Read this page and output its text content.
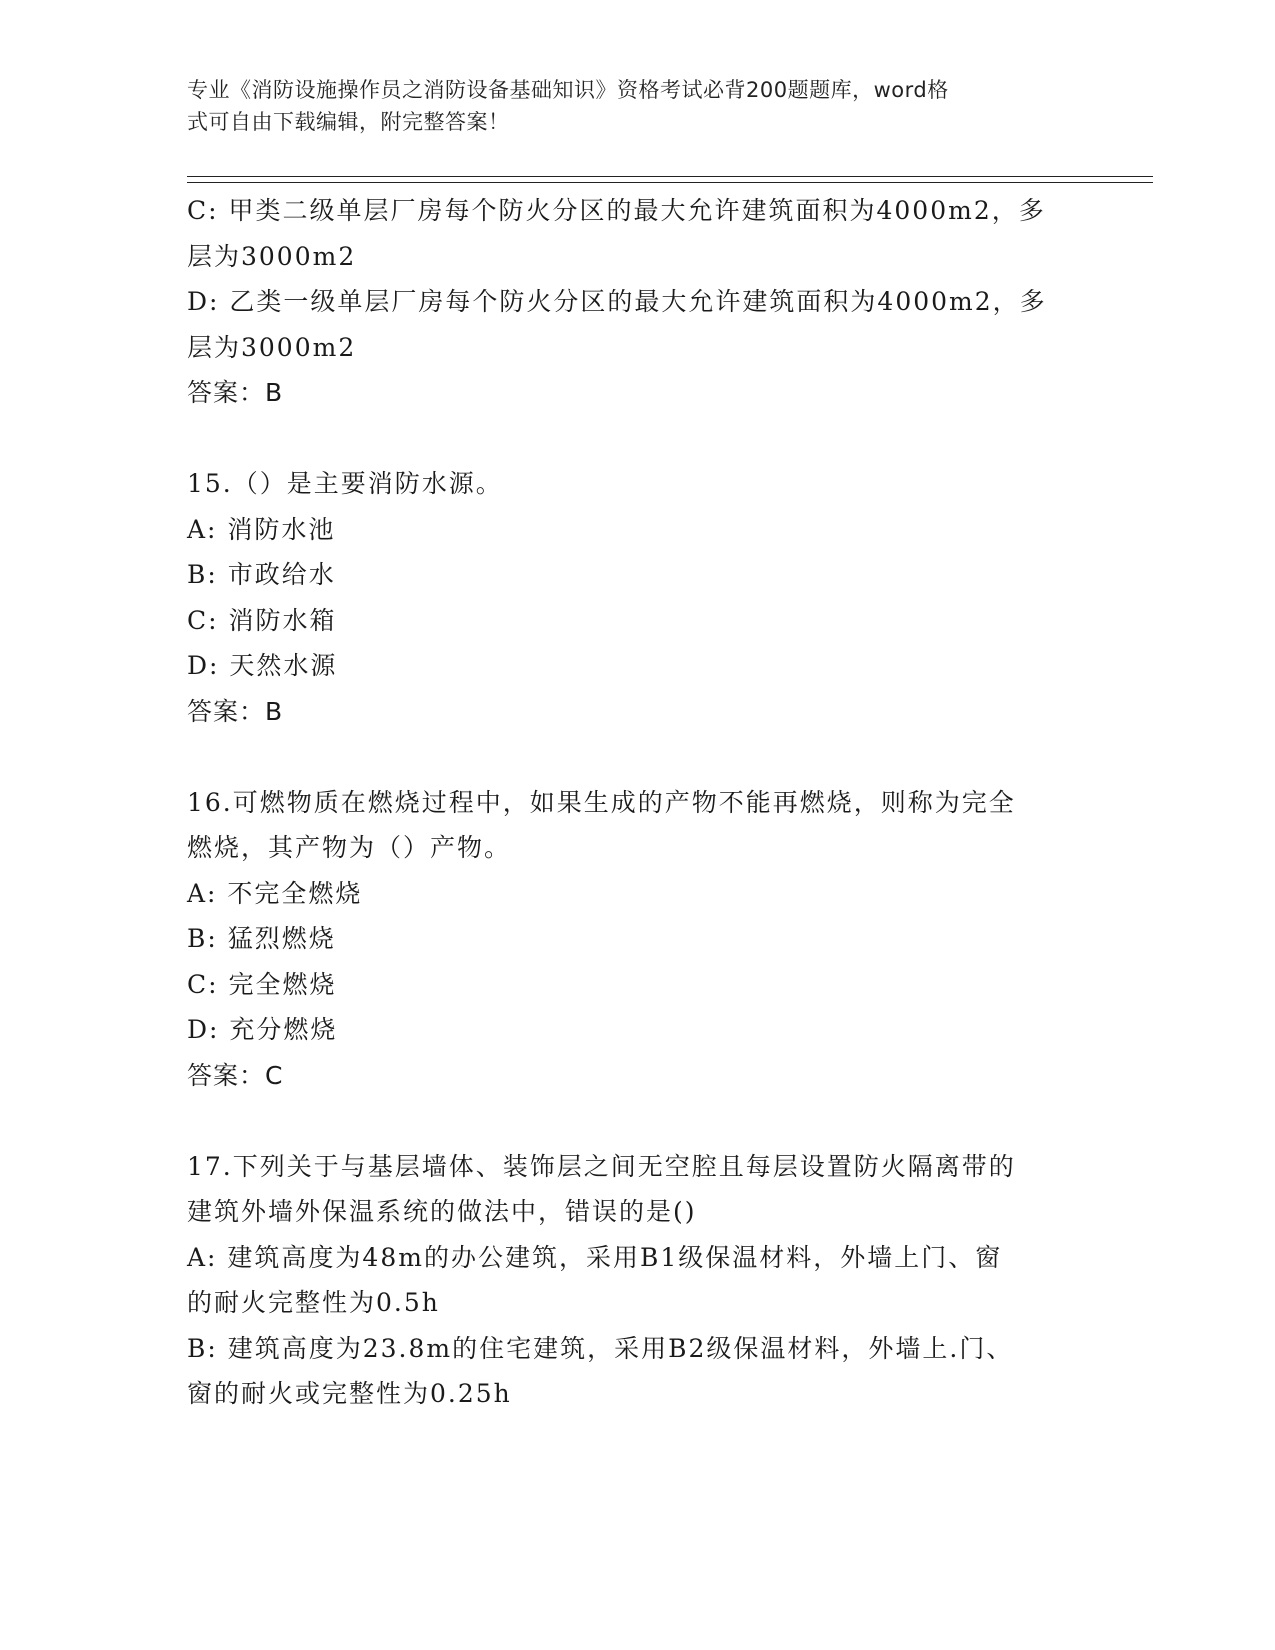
专业《消防设施操作员之消防设备基础知识》资格考试必背200题题库，word格
式可自由下载编辑，附完整答案！
C: 甲类二级单层厂房每个防火分区的最大允许建筑面积为4000m2，多
层为3000m2
D: 乙类一级单层厂房每个防火分区的最大允许建筑面积为4000m2，多
层为3000m2
答案：B
15.（）是主要消防水源。
A: 消防水池
B: 市政给水
C: 消防水箱
D: 天然水源
答案：B
16.可燃物质在燃烧过程中，如果生成的产物不能再燃烧，则称为完全
燃烧，其产物为（）产物。
A: 不完全燃烧
B: 猛烈燃烧
C: 完全燃烧
D: 充分燃烧
答案：C
17.下列关于与基层墙体、装饰层之间无空腔且每层设置防火隔离带的
建筑外墙外保温系统的做法中，错误的是()
A: 建筑高度为48m的办公建筑，采用B1级保温材料，外墙上门、窗
的耐火完整性为0.5h
B: 建筑高度为23.8m的住宅建筑，采用B2级保温材料，外墙上.门、
窗的耐火或完整性为0.25h
